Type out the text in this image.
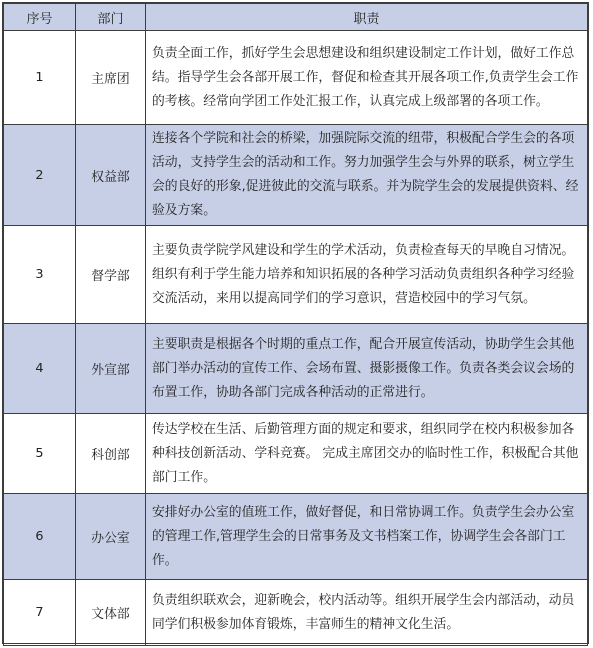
序号	部门	职责
1	主席团	负责全面工作，抓好学生会思想建设和组织建设制定工作计划，做好工作总结。指导学生会各部开展工作，督促和检查其开展各项工作,负责学生会工作的考核。经常向学团工作处汇报工作，认真完成上级部署的各项工作。
2	权益部	连接各个学院和社会的桥梁，加强院际交流的纽带，积极配合学生会的各项活动，支持学生会的活动和工作。努力加强学生会与外界的联系，树立学生会的良好的形象,促进彼此的交流与联系。并为院学生会的发展提供资料、经验及方案。
3	督学部	主要负责学院学风建设和学生的学术活动，负责检查每天的早晚自习情况。组织有利于学生能力培养和知识拓展的各种学习活动负责组织各种学习经验交流活动，来用以提高同学们的学习意识，营造校园中的学习气氛。
4	外宣部	主要职责是根据各个时期的重点工作，配合开展宣传活动，协助学生会其他部门举办活动的宣传工作、会场布置、摄影摄像工作。负责各类会议会场的布置工作，协助各部门完成各种活动的正常进行。
5	科创部	传达学校在生活、后勤管理方面的规定和要求，组织同学在校内积极参加各种科技创新活动、学科竞赛。 完成主席团交办的临时性工作，积极配合其他部门工作。
6	办公室	安排好办公室的值班工作，做好督促，和日常协调工作。负责学生会办公室的管理工作,管理学生会的日常事务及文书档案工作，协调学生会各部门工作。
7	文体部	负责组织联欢会，迎新晚会，校内活动等。组织开展学生会内部活动，动员同学们积极参加体育锻炼，丰富师生的精神文化生活。
